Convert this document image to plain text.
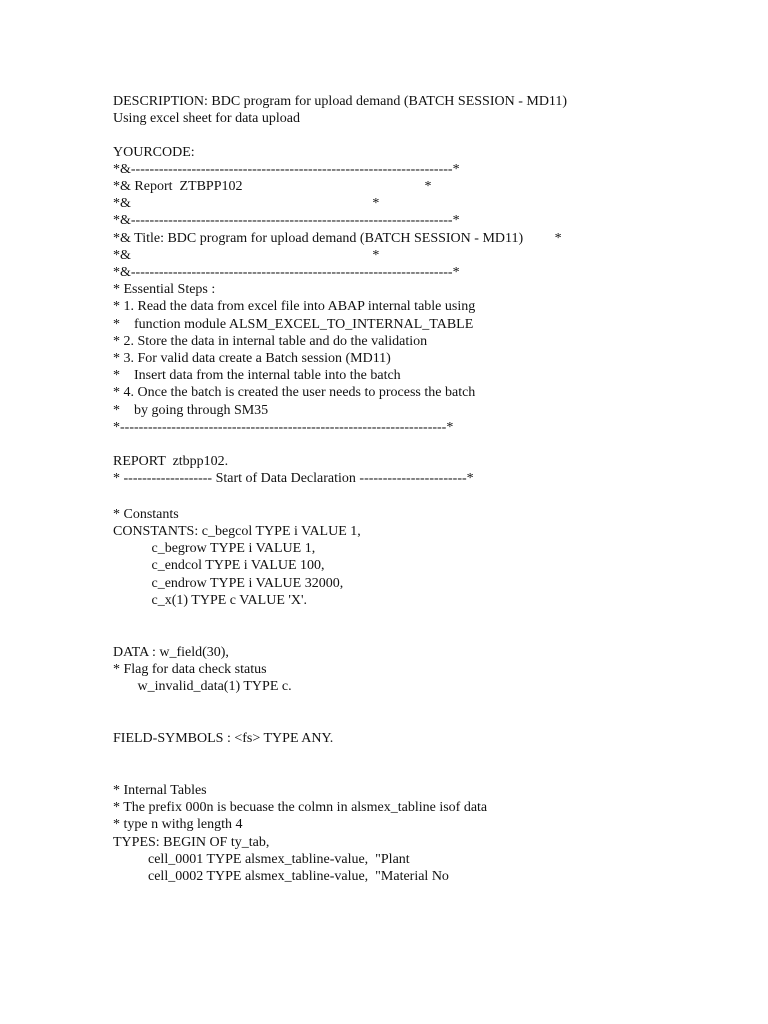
DESCRIPTION: BDC program for upload demand (BATCH SESSION - MD11)

Using excel sheet for data upload

YOURCODE:

*&---------------------------------------------------------------------*

*& Report  ZTBPP102                                                    *

*&                                                                     *

*&---------------------------------------------------------------------*

*& Title: BDC program for upload demand (BATCH SESSION - MD11)         *

*&                                                                     *

*&---------------------------------------------------------------------*

* Essential Steps :

* 1. Read the data from excel file into ABAP internal table using

*    function module ALSM_EXCEL_TO_INTERNAL_TABLE

* 2. Store the data in internal table and do the validation

* 3. For valid data create a Batch session (MD11)

*    Insert data from the internal table into the batch

* 4. Once the batch is created the user needs to process the batch

*    by going through SM35

*----------------------------------------------------------------------*

REPORT  ztbpp102.

* ------------------- Start of Data Declaration -----------------------*

* Constants

CONSTANTS: c_begcol TYPE i VALUE 1,

c_begrow TYPE i VALUE 1,

c_endcol TYPE i VALUE 100,

c_endrow TYPE i VALUE 32000,

c_x(1) TYPE c VALUE 'X'.

DATA : w_field(30),

* Flag for data check status

w_invalid_data(1) TYPE c.

FIELD-SYMBOLS : <fs> TYPE ANY.

* Internal Tables

* The prefix 000n is becuase the colmn in alsmex_tabline isof data

* type n withg length 4

TYPES: BEGIN OF ty_tab,

cell_0001 TYPE alsmex_tabline-value,  "Plant

cell_0002 TYPE alsmex_tabline-value,  "Material No
